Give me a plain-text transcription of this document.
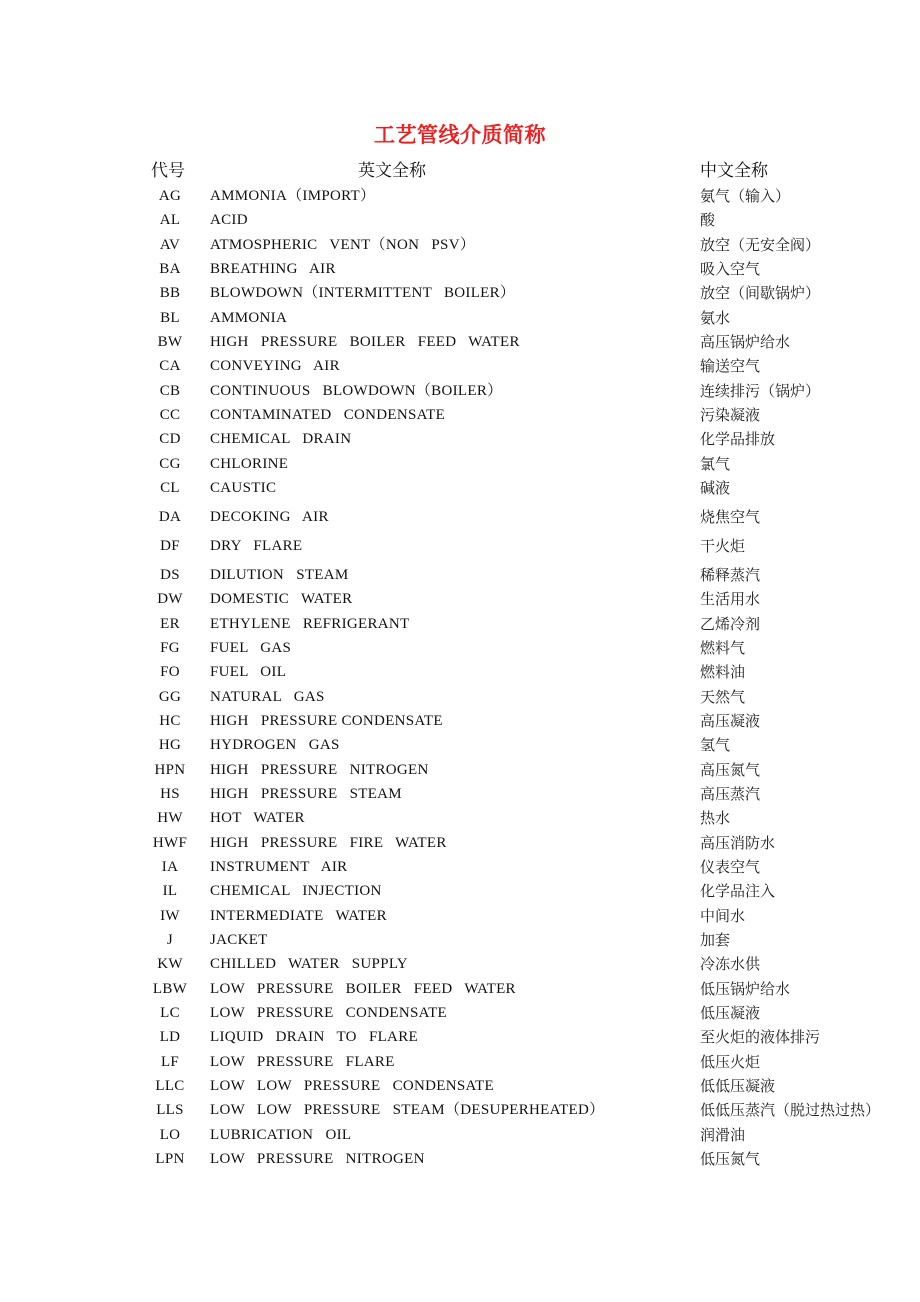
工艺管线介质简称
代号	英文全称	中文全称
AG	AMMONIA（IMPORT）	氨气（输入）
AL	ACID	酸
AV	ATMOSPHERIC   VENT（NON   PSV）	放空（无安全阀）
BA	BREATHING   AIR	吸入空气
BB	BLOWDOWN（INTERMITTENT   BOILER）	放空（间歇锅炉）
BL	AMMONIA	氨水
BW	HIGH   PRESSURE   BOILER   FEED   WATER	高压锅炉给水
CA	CONVEYING   AIR	输送空气
CB	CONTINUOUS   BLOWDOWN（BOILER）	连续排污（锅炉）
CC	CONTAMINATED   CONDENSATE	污染凝液
CD	CHEMICAL   DRAIN	化学品排放
CG	CHLORINE	氯气
CL	CAUSTIC	碱液
DA	DECOKING   AIR	烧焦空气
DF	DRY   FLARE	干火炬
DS	DILUTION   STEAM	稀释蒸汽
DW	DOMESTIC   WATER	生活用水
ER	ETHYLENE   REFRIGERANT	乙烯冷剂
FG	FUEL   GAS	燃料气
FO	FUEL   OIL	燃料油
GG	NATURAL   GAS	天然气
HC	HIGH   PRESSURE CONDENSATE	高压凝液
HG	HYDROGEN   GAS	氢气
HPN	HIGH   PRESSURE   NITROGEN	高压氮气
HS	HIGH   PRESSURE   STEAM	高压蒸汽
HW	HOT   WATER	热水
HWF	HIGH   PRESSURE   FIRE   WATER	高压消防水
IA	INSTRUMENT   AIR	仪表空气
IL	CHEMICAL   INJECTION	化学品注入
IW	INTERMEDIATE   WATER	中间水
J	JACKET	加套
KW	CHILLED   WATER   SUPPLY	冷冻水供
LBW	LOW   PRESSURE   BOILER   FEED   WATER	低压锅炉给水
LC	LOW   PRESSURE   CONDENSATE	低压凝液
LD	LIQUID   DRAIN   TO   FLARE	至火炬的液体排污
LF	LOW   PRESSURE   FLARE	低压火炬
LLC	LOW   LOW   PRESSURE   CONDENSATE	低低压凝液
LLS	LOW   LOW   PRESSURE   STEAM（DESUPERHEATED）	低低压蒸汽（脱过热过热）
LO	LUBRICATION   OIL	润滑油
LPN	LOW   PRESSURE   NITROGEN	低压氮气
